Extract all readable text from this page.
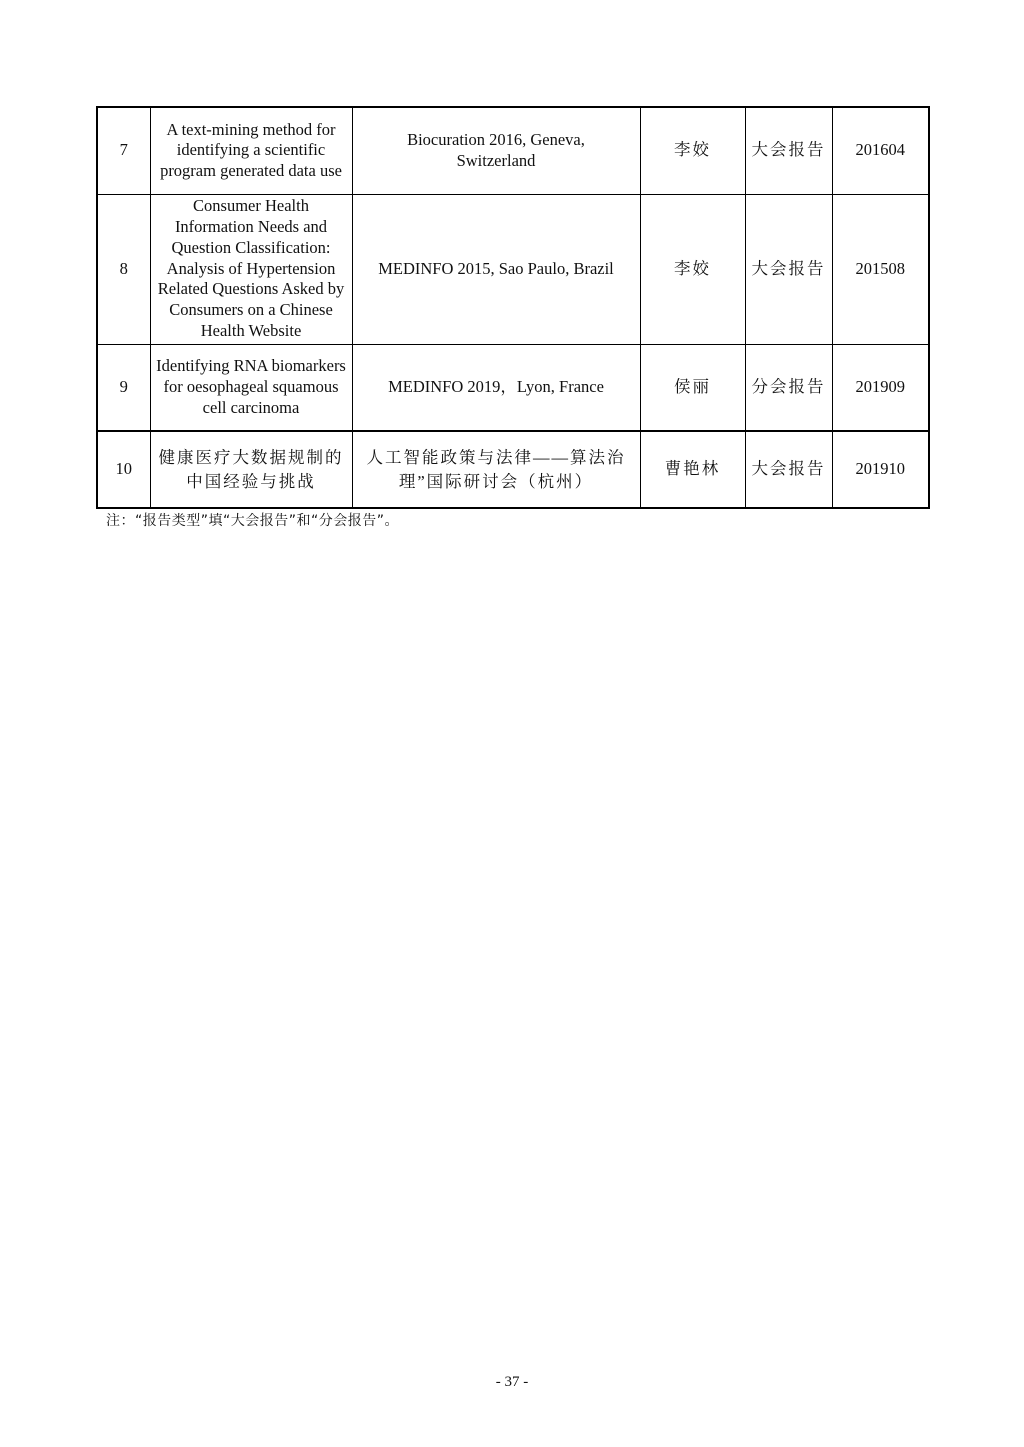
7	A text-mining method for identifying a scientific program generated data use	Biocuration 2016, Geneva, Switzerland	李姣	大会报告	201604
8	Consumer Health Information Needs and Question Classification: Analysis of Hypertension Related Questions Asked by Consumers on a Chinese Health Website	MEDINFO 2015, Sao Paulo, Brazil	李姣	大会报告	201508
9	Identifying RNA biomarkers for oesophageal squamous cell carcinoma	MEDINFO 2019，Lyon, France	侯丽	分会报告	201909
10	健康医疗大数据规制的中国经验与挑战	人工智能政策与法律——算法治理”国际研讨会（杭州）	曹艳林	大会报告	201910
注：“报告类型”填“大会报告”和“分会报告”。
- 37 -
